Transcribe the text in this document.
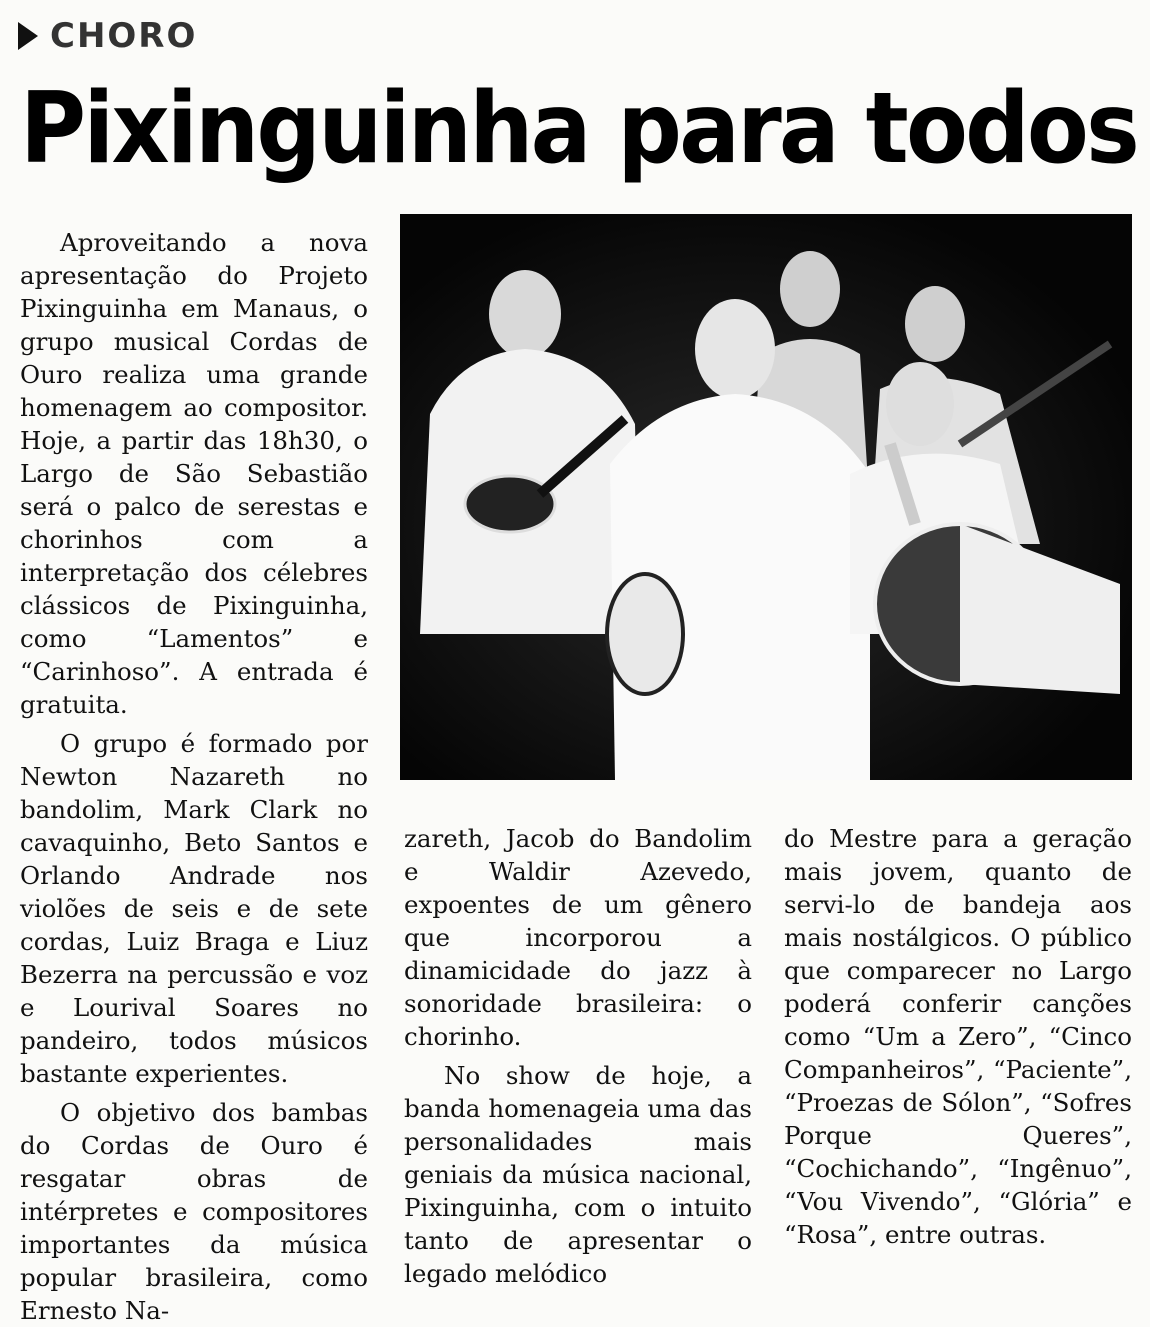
CHORO
Pixinguinha para todos

Aproveitando a nova apresentação do Projeto Pixinguinha em Manaus, o grupo musical Cordas de Ouro realiza uma grande homenagem ao compositor. Hoje, a partir das 18h30, o Largo de São Sebastião será o palco de serestas e chorinhos com a interpretação dos célebres clássicos de Pixinguinha, como “Lamentos” e “Carinhoso”. A entrada é gratuita.

O grupo é formado por Newton Nazareth no bandolim, Mark Clark no cavaquinho, Beto Santos e Orlando Andrade nos violões de seis e de sete cordas, Luiz Braga e Liuz Bezerra na percussão e voz e Lourival Soares no pandeiro, todos músicos bastante experientes.

O objetivo dos bambas do Cordas de Ouro é resgatar obras de intérpretes e compositores importantes da música popular brasileira, como Ernesto Na-

zareth, Jacob do Bandolim e Waldir Azevedo, expoentes de um gênero que incorporou a dinamicidade do jazz à sonoridade brasileira: o chorinho.

No show de hoje, a banda homenageia uma das personalidades mais geniais da música nacional, Pixinguinha, com o intuito tanto de apresentar o legado melódico

do Mestre para a geração mais jovem, quanto de servi-lo de bandeja aos mais nostálgicos. O público que comparecer no Largo poderá conferir canções como “Um a Zero”, “Cinco Companheiros”, “Paciente”, “Proezas de Sólon”, “Sofres Porque Queres”, “Cochichando”, “Ingênuo”, “Vou Vivendo”, “Glória” e “Rosa”, entre outras.
